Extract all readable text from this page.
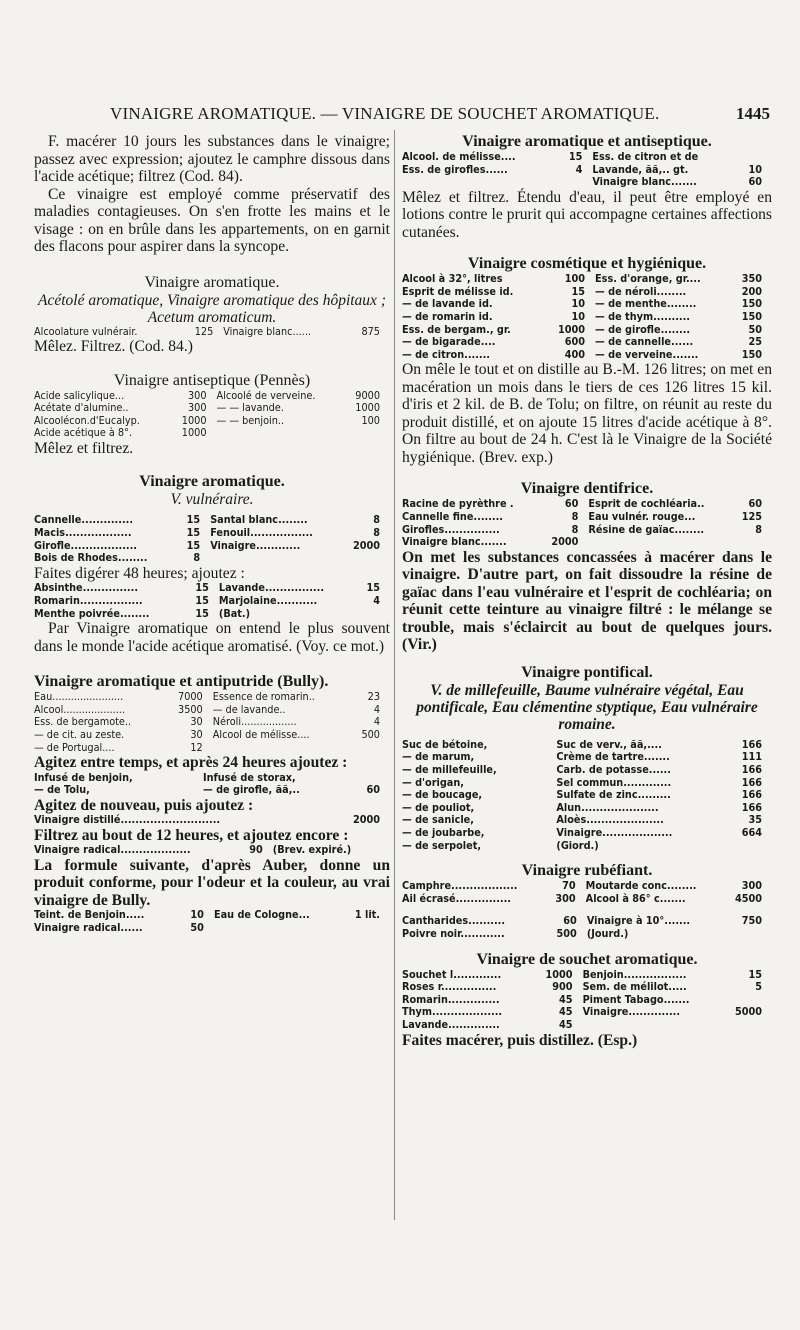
VINAIGRE AROMATIQUE. — VINAIGRE DE SOUCHET AROMATIQUE.	1445

F. macérer 10 jours les substances dans le vinaigre; passez avec expression; ajoutez le camphre dissous dans l'acide acétique; filtrez (Cod. 84).

Ce vinaigre est employé comme préservatif des maladies contagieuses. On s'en frotte les mains et le visage : on en brûle dans les appartements, on en garnit des flacons pour aspirer dans la syncope.

Vinaigre aromatique.

Acétolé aromatique, Vinaigre aromatique des hôpitaux ; Acetum aromaticum.

Alcoolature vulnérair.	125	Vinaigre blanc......	875

Mêlez. Filtrez. (Cod. 84.)

Vinaigre antiseptique (Pennès)

Acide salicylique...	300	Alcoolé de verveine.	9000
Acétate d'alumine..	300	— — lavande.	1000
Alcoolécon.d'Eucalyp.	1000	— — benjoin..	100
Acide acétique à 8°.	1000		

Mêlez et filtrez.

Vinaigre aromatique.

V. vulnéraire.

Cannelle..............	15	Santal blanc........	8
Macis..................	15	Fenouil.................	8
Girofle..................	15	Vinaigre............	2000
Bois de Rhodes........	8		

Faites digérer 48 heures; ajoutez :

Absinthe...............	15	Lavande................	15
Romarin.................	15	Marjolaine...........	4
Menthe poivrée........	15	(Bat.)	

Par Vinaigre aromatique on entend le plus souvent dans le monde l'acide acétique aromatisé. (Voy. ce mot.)

Vinaigre aromatique et antiputride (Bully).

Eau.......................	7000	Essence de romarin..	23
Alcool....................	3500	— de lavande..	4
Ess. de bergamote..	30	Néroli..................	4
— de cit. au zeste.	30	Alcool de mélisse....	500
— de Portugal....	12		

Agitez entre temps, et après 24 heures ajoutez :

Infusé de benjoin,		Infusé de storax,	
— de Tolu,		— de girofle, ãã,..	60

Agitez de nouveau, puis ajoutez :

Vinaigre distillé...........................	2000

Filtrez au bout de 12 heures, et ajoutez encore :

Vinaigre radical...................	90	(Brev. expiré.)	

La formule suivante, d'après Auber, donne un produit conforme, pour l'odeur et la couleur, au vrai vinaigre de Bully.

Teint. de Benjoin.....	10	Eau de Cologne...	1 lit.
Vinaigre radical......	50		

Vinaigre aromatique et antiseptique.

Alcool. de mélisse....	15	Ess. de citron et de	
Ess. de girofles......	4	Lavande, ãã,.. gt.	10
		Vinaigre blanc.......	60

Mêlez et filtrez. Étendu d'eau, il peut être employé en lotions contre le prurit qui accompagne certaines affections cutanées.

Vinaigre cosmétique et hygiénique.

Alcool à 32°, litres	100	Ess. d'orange, gr....	350
Esprit de mélisse id.	15	— de néroli........	200
— de lavande id.	10	— de menthe........	150
— de romarin id.	10	— de thym..........	150
Ess. de bergam., gr.	1000	— de girofle........	50
— de bigarade....	600	— de cannelle......	25
— de citron.......	400	— de verveine.......	150

On mêle le tout et on distille au B.-M. 126 litres; on met en macération un mois dans le tiers de ces 126 litres 15 kil. d'iris et 2 kil. de B. de Tolu; on filtre, on réunit au reste du produit distillé, et on ajoute 15 litres d'acide acétique à 8°. On filtre au bout de 24 h. C'est là le Vinaigre de la Société hygiénique. (Brev. exp.)

Vinaigre dentifrice.

Racine de pyrèthre .	60	Esprit de cochléaria..	60
Cannelle fine........	8	Eau vulnér. rouge...	125
Girofles...............	8	Résine de gaïac........	8
Vinaigre blanc.......	2000		

On met les substances concassées à macérer dans le vinaigre. D'autre part, on fait dissoudre la résine de gaïac dans l'eau vulnéraire et l'esprit de cochléaria; on réunit cette teinture au vinaigre filtré : le mélange se trouble, mais s'éclaircit au bout de quelques jours. (Vir.)

Vinaigre pontifical.

V. de millefeuille, Baume vulnéraire végétal, Eau pontificale, Eau clémentine styptique, Eau vulnéraire romaine.

Suc de bétoine,		Suc de verv., ãã,....	166
— de marum,		Crème de tartre.......	111
— de millefeuille,		Carb. de potasse......	166
— d'origan,		Sel commun.............	166
— de boucage,		Sulfate de zinc.........	166
— de pouliot,		Alun.....................	166
— de sanicle,		Aloès.....................	35
— de joubarbe,		Vinaigre...................	664
— de serpolet,		(Giord.)	

Vinaigre rubéfiant.

Camphre..................	70	Moutarde conc........	300
Ail écrasé...............	300	Alcool à 86° c.......	4500
Cantharides..........	60	Vinaigre à 10°.......	750
Poivre noir............	500	(Jourd.)	

Vinaigre de souchet aromatique.

Souchet l.............	1000	Benjoin.................	15
Roses r...............	900	Sem. de mélilot.....	5
Romarin..............	45	Piment Tabago.......	
Thym...................	45	Vinaigre..............	5000
Lavande..............	45		

Faites macérer, puis distillez. (Esp.)
